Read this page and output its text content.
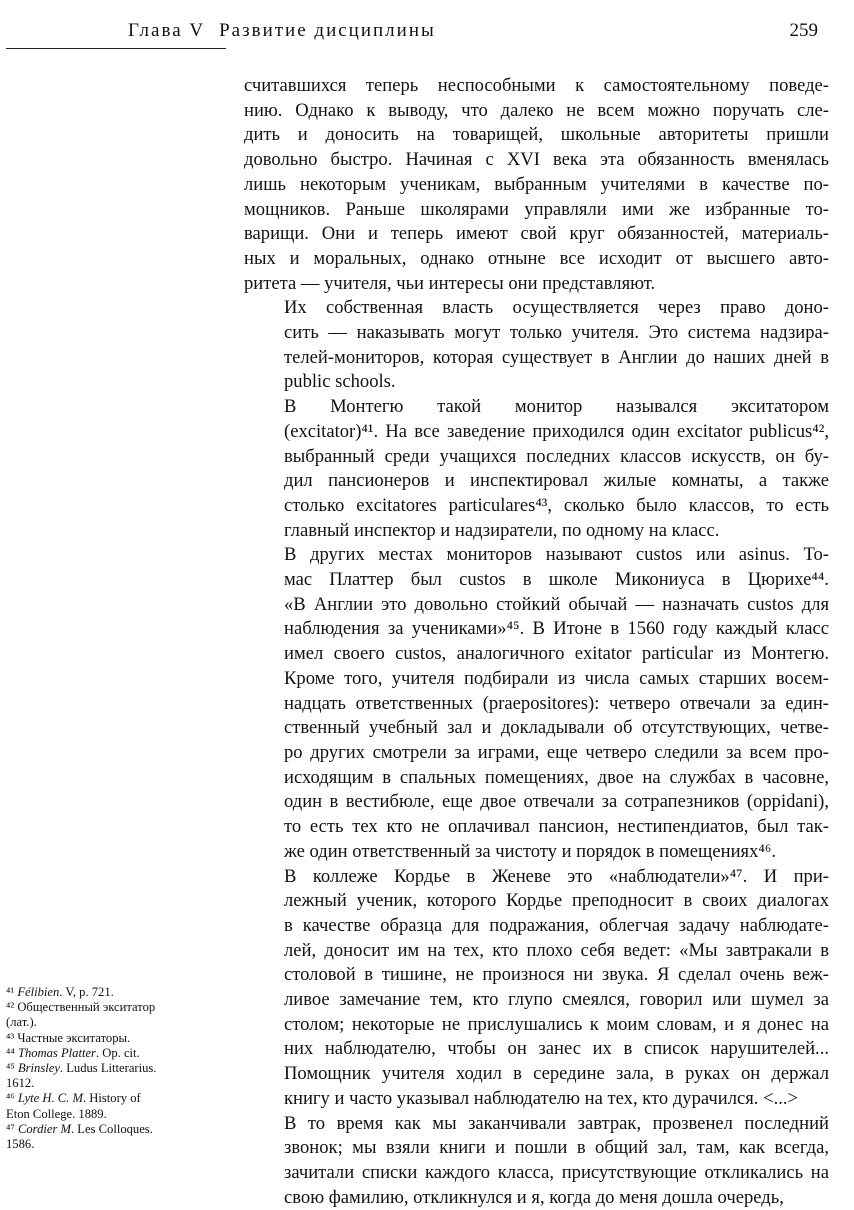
Глава V Развитие дисциплины	259

считавшихся теперь неспособными к самостоятельному поведе-
нию. Однако к выводу, что далеко не всем можно поручать сле-
дить и доносить на товарищей, школьные авторитеты пришли
довольно быстро. Начиная с XVI века эта обязанность вменялась
лишь некоторым ученикам, выбранным учителями в качестве по-
мощников. Раньше школярами управляли ими же избранные то-
варищи. Они и теперь имеют свой круг обязанностей, материаль-
ных и моральных, однако отныне все исходит от высшего авто-
ритета — учителя, чьи интересы они представляют.

Их собственная власть осуществляется через право доно-
сить — наказывать могут только учителя. Это система надзира-
телей-мониторов, которая существует в Англии до наших дней в
public schools.

В Монтегю такой монитор назывался экситатором
(excitator)⁴¹. На все заведение приходился один excitator publicus⁴²,
выбранный среди учащихся последних классов искусств, он бу-
дил пансионеров и инспектировал жилые комнаты, а также
столько excitatores particulares⁴³, сколько было классов, то есть
главный инспектор и надзиратели, по одному на класс.

В других местах мониторов называют custos или asinus. То-
мас Платтер был custos в школе Микониуса в Цюрихе⁴⁴.
«В Англии это довольно стойкий обычай — назначать custos для
наблюдения за учениками»⁴⁵. В Итоне в 1560 году каждый класс
имел своего custos, аналогичного exitator particular из Монтегю.
Кроме того, учителя подбирали из числа самых старших восем-
надцать ответственных (praepositores): четверо отвечали за един-
ственный учебный зал и докладывали об отсутствующих, четве-
ро других смотрели за играми, еще четверо следили за всем про-
исходящим в спальных помещениях, двое на службах в часовне,
один в вестибюле, еще двое отвечали за сотрапезников (oppidani),
то есть тех кто не оплачивал пансион, нестипендиатов, был так-
же один ответственный за чистоту и порядок в помещениях⁴⁶.

В коллеже Кордье в Женеве это «наблюдатели»⁴⁷. И при-
лежный ученик, которого Кордье преподносит в своих диалогах
в качестве образца для подражания, облегчая задачу наблюдате-
лей, доносит им на тех, кто плохо себя ведет: «Мы завтракали в
столовой в тишине, не произнося ни звука. Я сделал очень веж-
ливое замечание тем, кто глупо смеялся, говорил или шумел за
столом; некоторые не прислушались к моим словам, и я донес на
них наблюдателю, чтобы он занес их в список нарушителей...
Помощник учителя ходил в середине зала, в руках он держал
книгу и часто указывал наблюдателю на тех, кто дурачился. <...>

В то время как мы заканчивали завтрак, прозвенел последний
звонок; мы взяли книги и пошли в общий зал, там, как всегда,
зачитали списки каждого класса, присутствующие откликались на
свою фамилию, откликнулся и я, когда до меня дошла очередь,

⁴¹ Félibien. V, p. 721.
⁴² Общественный экситатор
(лат.).
⁴³ Частные экситаторы.
⁴⁴ Thomas Platter. Op. cit.
⁴⁵ Brinsley. Ludus Litterarius.
1612.
⁴⁶ Lyte H. C. M. History of
Eton College. 1889.
⁴⁷ Cordier M. Les Colloques.
1586.
